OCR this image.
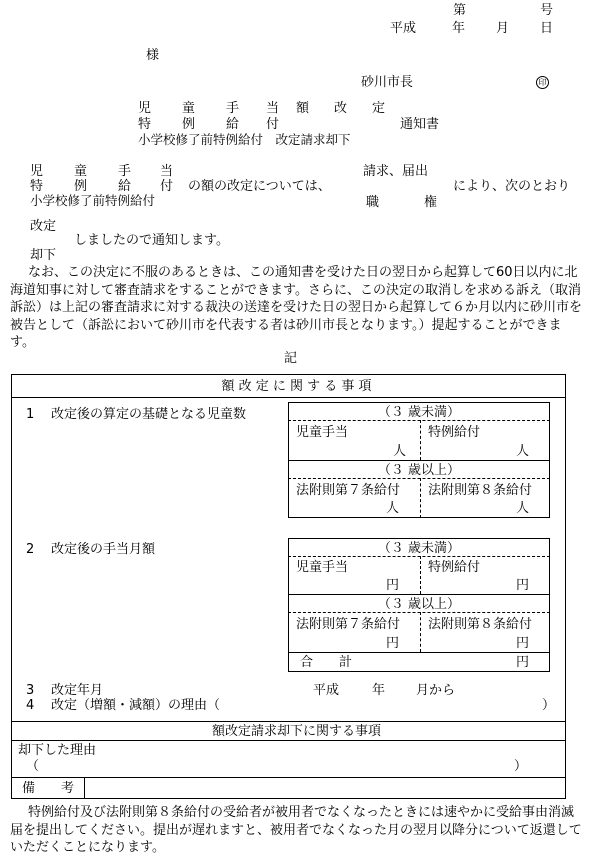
第	号
平成	年 月 日
様
砂川市長	印
児 童 手 当 額 改 定
特 例 給 付	通知書
小学校修了前特例給付　改定請求却下
児 童 手 当	請求、届出
特 例 給 付 の額の改定については、	により、次のとおり
小学校修了前特例給付	職	権
改定
しましたので通知します。
却下
なお、この決定に不服のあるときは、この通知書を受けた日の翌日から起算して60日以内に北海道知事に対して審査請求をすることができます。さらに、この決定の取消しを求める訴え（取消訴訟）は上記の審査請求に対する裁決の送達を受けた日の翌日から起算して６か月以内に砂川市を被告として（訴訟において砂川市を代表する者は砂川市長となります。）提起することができます。
記
額 改 定 に 関 す る 事 項
1 改定後の算定の基礎となる児童数	（３ 歳未満）
児童手当	特例給付
人	人
（３ 歳以上）
法附則第７条給付 法附則第８条給付
人	人
2 改定後の手当月額	（３ 歳未満）
児童手当	特例給付
円	円
（３ 歳以上）
法附則第７条給付 法附則第８条給付
円	円
合　　計	円
3 改定年月	平成	年 月から
4 改定（増額・減額）の理由（	）
額改定請求却下に関する事項
却下した理由
（	）
備　　考
特例給付及び法附則第８条給付の受給者が被用者でなくなったときには速やかに受給事由消滅届を提出してください。提出が遅れますと、被用者でなくなった月の翌月以降分について返還していただくことになります。
